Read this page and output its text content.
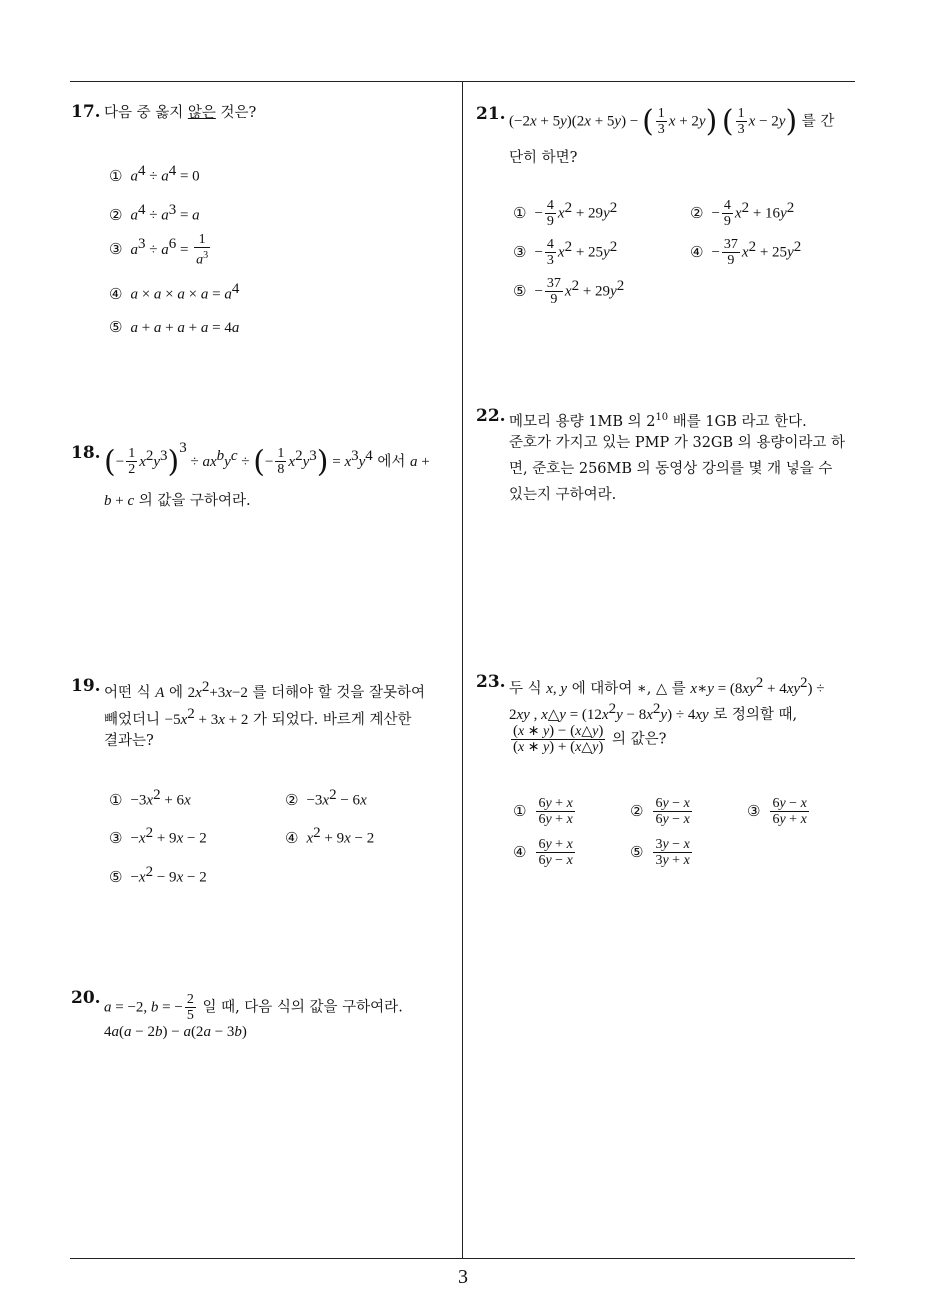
17. 다음 중 옳지 않은 것은?
① $a^4 \div a^4 = 0$
② $a^4 \div a^3 = a$
③ $a^3 \div a^6 = \frac{1}{a^3}$
④ $a \times a \times a \times a = a^4$
⑤ a + a + a + a = 4a
18. (− $\frac{1}{2} x^2y^3)^3 \div ax^by^c$ ÷ (− $\frac{1}{8} x^2y^3) = x^3y^4$ 에서 a +
b + c 의 값을 구하여라.
19. 어떤 식 A 에 $2x^2+3x-2$ 를 더해야 할 것을 잘못하여
빼었더니 $-5x^2 + 3x + 2$ 가 되었다. 바르게 계산한
결과는?
① $-3x^2 + 6x$	② $-3x^2 - 6x$
③ $-x^2 + 9x - 2$	④ $x^2 + 9x - 2$
⑤ $-x^2 - 9x - 2$
20. a = −2, b = − $\frac{2}{5}$ 일 때, 다음 식의 값을 구하여라.
4a(a − 2b) − a(2a − 3b)
21. (−2x + 5y)(2x + 5y) − ( $\frac{1}{3}$ x + 2y) ( $\frac{1}{3}$ x − 2y) 를 간
단히 하면?
① − $\frac{4}{9} x^2 + 29y^2$	② − $\frac{4}{9} x^2 + 16y^2$
③ − $\frac{4}{3} x^2 + 25y^2$	④ − $\frac{37}{9} x^2 + 25y^2$
⑤ − $\frac{37}{9} x^2 + 29y^2$
22. 메모리 용량 1MB 의 $2^{10}$ 배를 1GB 라고 한다.
준호가 가지고 있는 PMP 가 32GB 의 용량이라고 하
면, 준호는 256MB 의 동영상 강의를 몇 개 넣을 수
있는지 구하여라.
23. 두 식 x, y 에 대하여 ∗, △ 를 x∗y = $(8xy^2 + 4xy^2)$ ÷
2xy , x△y = $(12x^2y - 8x^2y) \div 4xy$ 로 정의할 때,
$\frac{(x ∗ y) - (x\triangle y)}{(x ∗ y) + (x\triangle y)}$ 의 값은?
① $\frac{6y + x}{6y + x}$	② $\frac{6y - x}{6y - x}$	③ $\frac{6y - x}{6y + x}$
④ $\frac{6y + x}{6y - x}$	⑤ $\frac{3y - x}{3y + x}$
3
